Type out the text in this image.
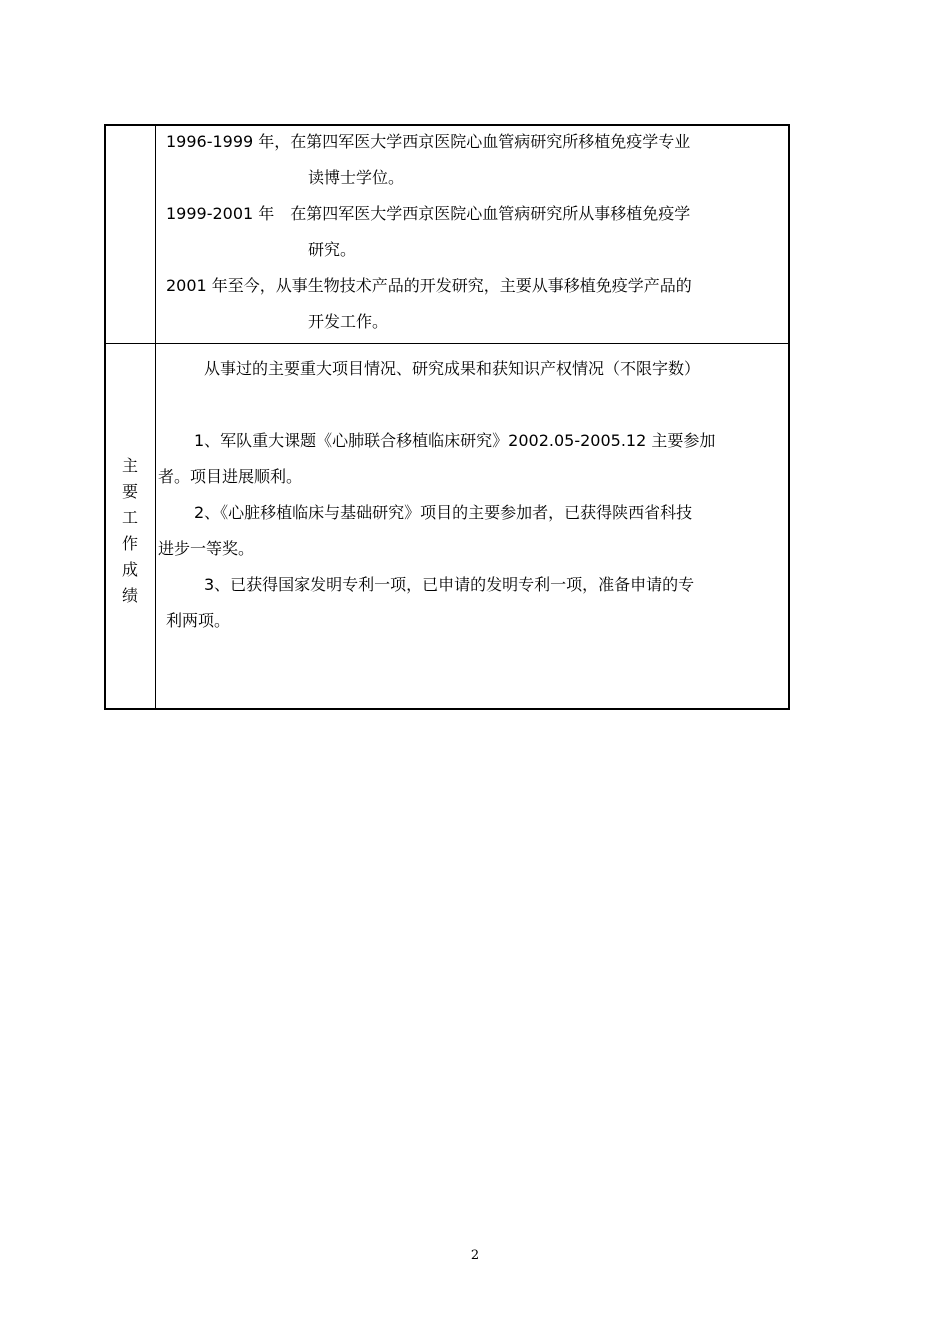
1996-1999 年，在第四军医大学西京医院心血管病研究所移植免疫学专业
读博士学位。
1999-2001 年　在第四军医大学西京医院心血管病研究所从事移植免疫学
研究。
2001 年至今，从事生物技术产品的开发研究，主要从事移植免疫学产品的
开发工作。
主
要
工
作
成
绩
从事过的主要重大项目情况、研究成果和获知识产权情况（不限字数）
1、军队重大课题《心肺联合移植临床研究》2002.05-2005.12 主要参加
者。项目进展顺利。
2、《心脏移植临床与基础研究》项目的主要参加者，已获得陕西省科技
进步一等奖。
3、已获得国家发明专利一项，已申请的发明专利一项，准备申请的专
利两项。
2
